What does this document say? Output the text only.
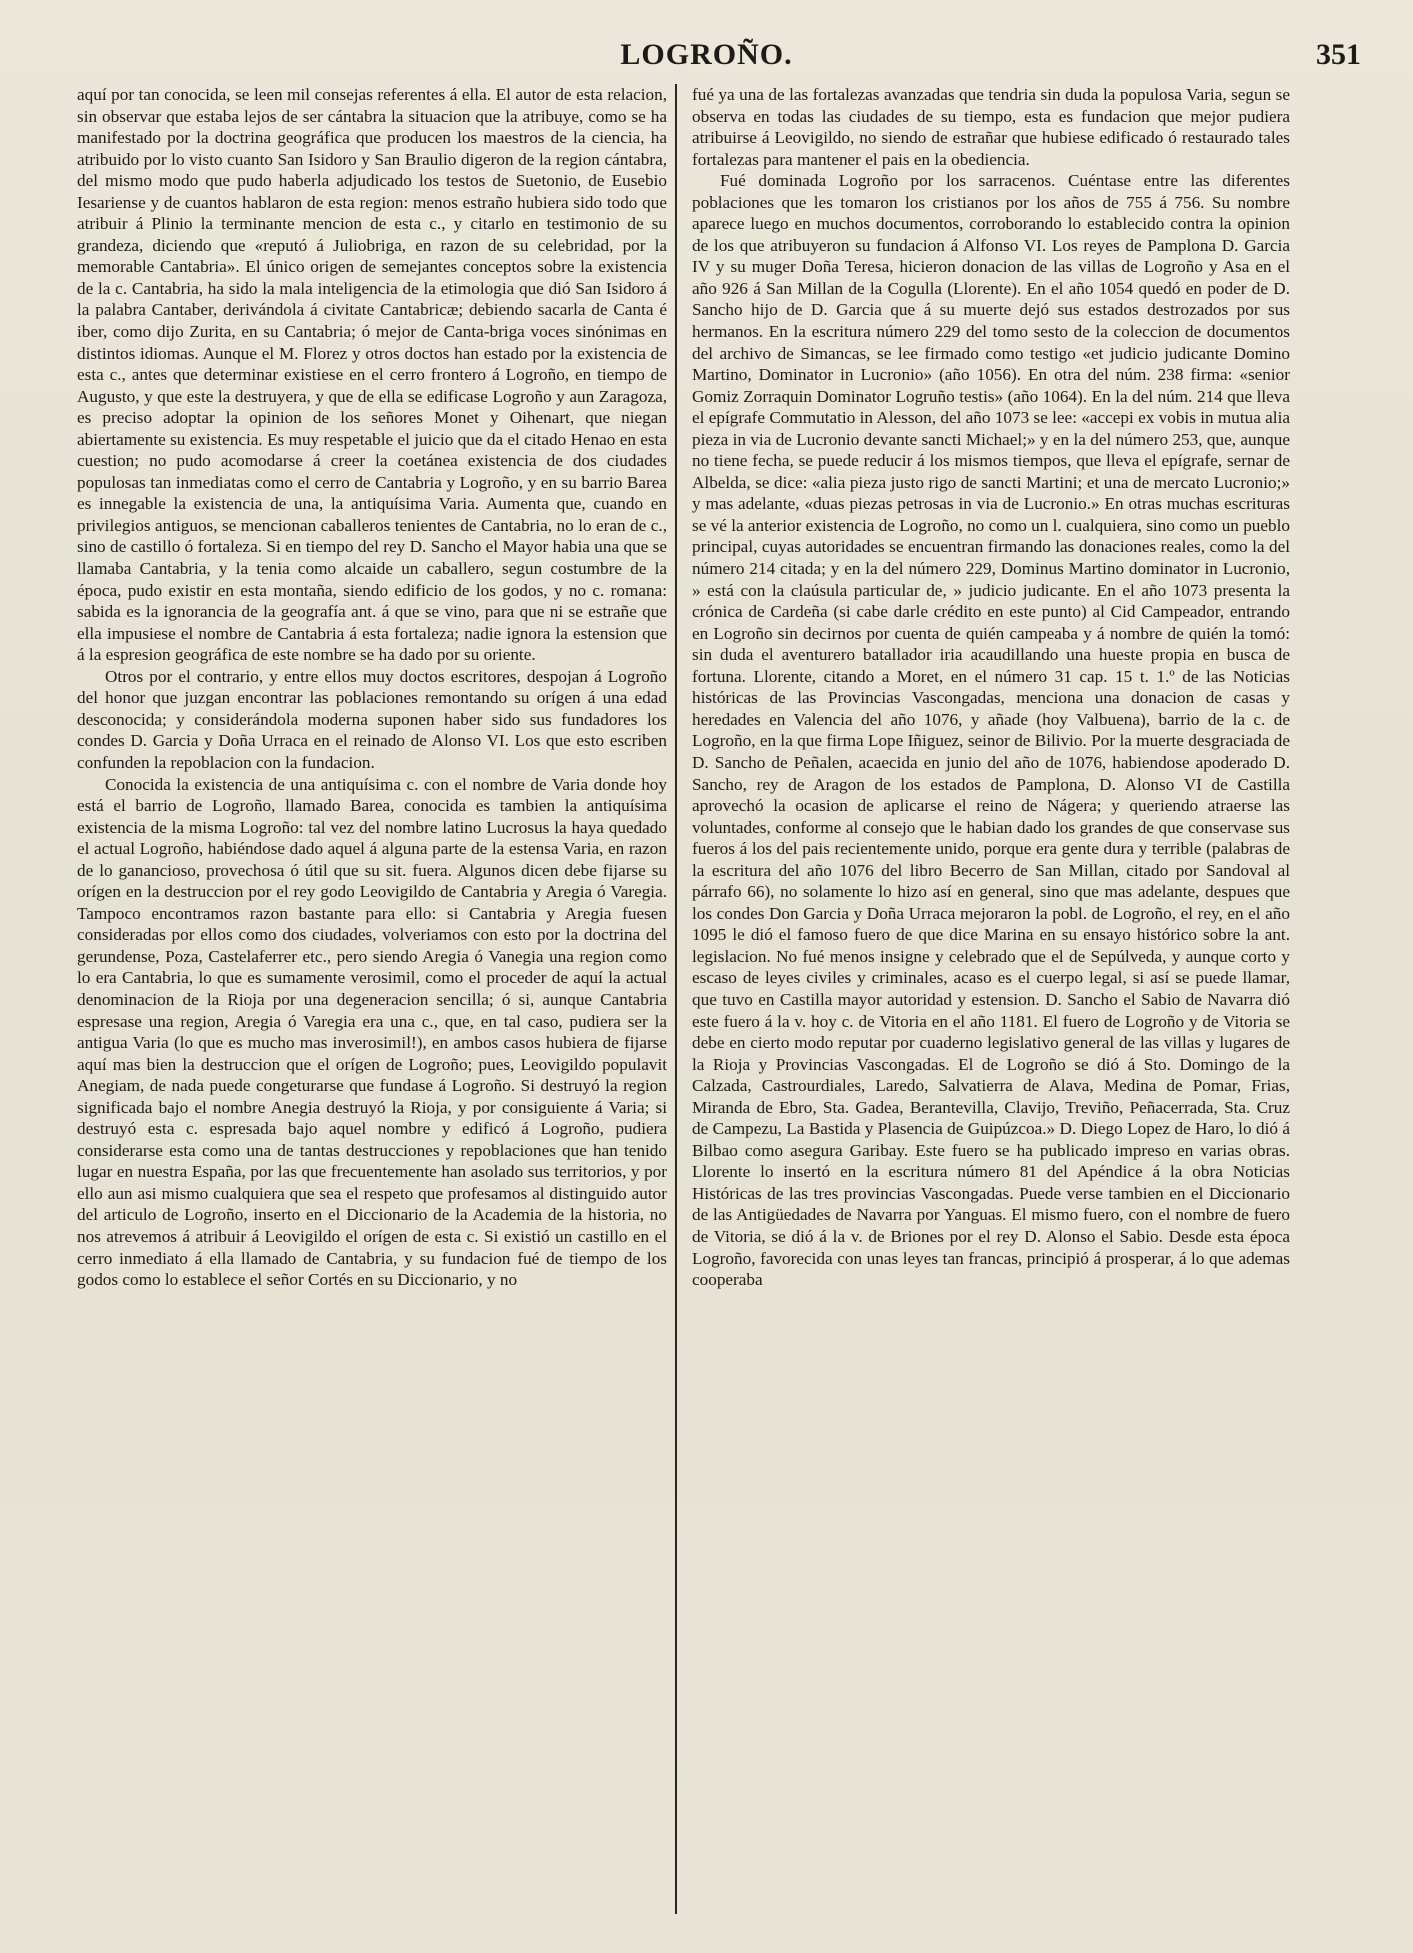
LOGROÑO.	351

aquí por tan conocida, se leen mil consejas referentes á ella. El autor de esta relacion, sin observar que estaba lejos de ser cántabra la situacion que la atribuye, como se ha manifestado por la doctrina geográfica que producen los maestros de la ciencia, ha atribuido por lo visto cuanto San Isidoro y San Braulio digeron de la region cántabra, del mismo modo que pudo haberla adjudicado los testos de Suetonio, de Eusebio Iesariense y de cuantos hablaron de esta region: menos estraño hubiera sido todo que atribuir á Plinio la terminante mencion de esta c., y citarlo en testimonio de su grandeza, diciendo que «reputó á Juliobriga, en razon de su celebridad, por la memorable Cantabria». El único origen de semejantes conceptos sobre la existencia de la c. Cantabria, ha sido la mala inteligencia de la etimologia que dió San Isidoro á la palabra Cantaber, derivándola á civitate Cantabricæ; debiendo sacarla de Canta é iber, como dijo Zurita, en su Cantabria; ó mejor de Canta-briga voces sinónimas en distintos idiomas. Aunque el M. Florez y otros doctos han estado por la existencia de esta c., antes que determinar existiese en el cerro frontero á Logroño, en tiempo de Augusto, y que este la destruyera, y que de ella se edificase Logroño y aun Zaragoza, es preciso adoptar la opinion de los señores Monet y Oihenart, que niegan abiertamente su existencia. Es muy respetable el juicio que da el citado Henao en esta cuestion; no pudo acomodarse á creer la coetánea existencia de dos ciudades populosas tan inmediatas como el cerro de Cantabria y Logroño, y en su barrio Barea es innegable la existencia de una, la antiquísima Varia. Aumenta que, cuando en privilegios antiguos, se mencionan caballeros tenientes de Cantabria, no lo eran de c., sino de castillo ó fortaleza. Si en tiempo del rey D. Sancho el Mayor habia una que se llamaba Cantabria, y la tenia como alcaide un caballero, segun costumbre de la época, pudo existir en esta montaña, siendo edificio de los godos, y no c. romana: sabida es la ignorancia de la geografía ant. á que se vino, para que ni se estrañe que ella impusiese el nombre de Cantabria á esta fortaleza; nadie ignora la estension que á la espresion geográfica de este nombre se ha dado por su oriente.

Otros por el contrario, y entre ellos muy doctos escritores, despojan á Logroño del honor que juzgan encontrar las poblaciones remontando su orígen á una edad desconocida; y considerándola moderna suponen haber sido sus fundadores los condes D. Garcia y Doña Urraca en el reinado de Alonso VI. Los que esto escriben confunden la repoblacion con la fundacion.

Conocida la existencia de una antiquísima c. con el nombre de Varia donde hoy está el barrio de Logroño, llamado Barea, conocida es tambien la antiquísima existencia de la misma Logroño: tal vez del nombre latino Lucrosus la haya quedado el actual Logroño, habiéndose dado aquel á alguna parte de la estensa Varia, en razon de lo ganancioso, provechosa ó útil que su sit. fuera. Algunos dicen debe fijarse su orígen en la destruccion por el rey godo Leovigildo de Cantabria y Aregia ó Varegia. Tampoco encontramos razon bastante para ello: si Cantabria y Aregia fuesen consideradas por ellos como dos ciudades, volveriamos con esto por la doctrina del gerundense, Poza, Castelaferrer etc., pero siendo Aregia ó Vanegia una region como lo era Cantabria, lo que es sumamente verosimil, como el proceder de aquí la actual denominacion de la Rioja por una degeneracion sencilla; ó si, aunque Cantabria espresase una region, Aregia ó Varegia era una c., que, en tal caso, pudiera ser la antigua Varia (lo que es mucho mas inverosimil!), en ambos casos hubiera de fijarse aquí mas bien la destruccion que el orígen de Logroño; pues, Leovigildo populavit Anegiam, de nada puede congeturarse que fundase á Logroño. Si destruyó la region significada bajo el nombre Anegia destruyó la Rioja, y por consiguiente á Varia; si destruyó esta c. espresada bajo aquel nombre y edificó á Logroño, pudiera considerarse esta como una de tantas destrucciones y repoblaciones que han tenido lugar en nuestra España, por las que frecuentemente han asolado sus territorios, y por ello aun asi mismo cualquiera que sea el respeto que profesamos al distinguido autor del articulo de Logroño, inserto en el Diccionario de la Academia de la historia, no nos atrevemos á atribuir á Leovigildo el orígen de esta c. Si existió un castillo en el cerro inmediato á ella llamado de Cantabria, y su fundacion fué de tiempo de los godos como lo establece el señor Cortés en su Diccionario, y no

fué ya una de las fortalezas avanzadas que tendria sin duda la populosa Varia, segun se observa en todas las ciudades de su tiempo, esta es fundacion que mejor pudiera atribuirse á Leovigildo, no siendo de estrañar que hubiese edificado ó restaurado tales fortalezas para mantener el pais en la obediencia.

Fué dominada Logroño por los sarracenos. Cuéntase entre las diferentes poblaciones que les tomaron los cristianos por los años de 755 á 756. Su nombre aparece luego en muchos documentos, corroborando lo establecido contra la opinion de los que atribuyeron su fundacion á Alfonso VI. Los reyes de Pamplona D. Garcia IV y su muger Doña Teresa, hicieron donacion de las villas de Logroño y Asa en el año 926 á San Millan de la Cogulla (Llorente). En el año 1054 quedó en poder de D. Sancho hijo de D. Garcia que á su muerte dejó sus estados destrozados por sus hermanos. En la escritura número 229 del tomo sesto de la coleccion de documentos del archivo de Simancas, se lee firmado como testigo «et judicio judicante Domino Martino, Dominator in Lucronio» (año 1056). En otra del núm. 238 firma: «senior Gomiz Zorraquin Dominator Logruño testis» (año 1064). En la del núm. 214 que lleva el epígrafe Commutatio in Alesson, del año 1073 se lee: «accepi ex vobis in mutua alia pieza in via de Lucronio devante sancti Michael;» y en la del número 253, que, aunque no tiene fecha, se puede reducir á los mismos tiempos, que lleva el epígrafe, sernar de Albelda, se dice: «alia pieza justo rigo de sancti Martini; et una de mercato Lucronio;» y mas adelante, «duas piezas petrosas in via de Lucronio.» En otras muchas escrituras se vé la anterior existencia de Logroño, no como un l. cualquiera, sino como un pueblo principal, cuyas autoridades se encuentran firmando las donaciones reales, como la del número 214 citada; y en la del número 229, Dominus Martino dominator in Lucronio, » está con la claúsula particular de, » judicio judicante. En el año 1073 presenta la crónica de Cardeña (si cabe darle crédito en este punto) al Cid Campeador, entrando en Logroño sin decirnos por cuenta de quién campeaba y á nombre de quién la tomó: sin duda el aventurero batallador iria acaudillando una hueste propia en busca de fortuna. Llorente, citando a Moret, en el número 31 cap. 15 t. 1.º de las Noticias históricas de las Provincias Vascongadas, menciona una donacion de casas y heredades en Valencia del año 1076, y añade (hoy Valbuena), barrio de la c. de Logroño, en la que firma Lope Iñiguez, seinor de Bilivio. Por la muerte desgraciada de D. Sancho de Peñalen, acaecida en junio del año de 1076, habiendose apoderado D. Sancho, rey de Aragon de los estados de Pamplona, D. Alonso VI de Castilla aprovechó la ocasion de aplicarse el reino de Nágera; y queriendo atraerse las voluntades, conforme al consejo que le habian dado los grandes de que conservase sus fueros á los del pais recientemente unido, porque era gente dura y terrible (palabras de la escritura del año 1076 del libro Becerro de San Millan, citado por Sandoval al párrafo 66), no solamente lo hizo así en general, sino que mas adelante, despues que los condes Don Garcia y Doña Urraca mejoraron la pobl. de Logroño, el rey, en el año 1095 le dió el famoso fuero de que dice Marina en su ensayo histórico sobre la ant. legislacion. No fué menos insigne y celebrado que el de Sepúlveda, y aunque corto y escaso de leyes civiles y criminales, acaso es el cuerpo legal, si así se puede llamar, que tuvo en Castilla mayor autoridad y estension. D. Sancho el Sabio de Navarra dió este fuero á la v. hoy c. de Vitoria en el año 1181. El fuero de Logroño y de Vitoria se debe en cierto modo reputar por cuaderno legislativo general de las villas y lugares de la Rioja y Provincias Vascongadas. El de Logroño se dió á Sto. Domingo de la Calzada, Castrourdiales, Laredo, Salvatierra de Alava, Medina de Pomar, Frias, Miranda de Ebro, Sta. Gadea, Berantevilla, Clavijo, Treviño, Peñacerrada, Sta. Cruz de Campezu, La Bastida y Plasencia de Guipúzcoa.» D. Diego Lopez de Haro, lo dió á Bilbao como asegura Garibay. Este fuero se ha publicado impreso en varias obras. Llorente lo insertó en la escritura número 81 del Apéndice á la obra Noticias Históricas de las tres provincias Vascongadas. Puede verse tambien en el Diccionario de las Antigüedades de Navarra por Yanguas. El mismo fuero, con el nombre de fuero de Vitoria, se dió á la v. de Briones por el rey D. Alonso el Sabio. Desde esta época Logroño, favorecida con unas leyes tan francas, principió á prosperar, á lo que ademas cooperaba
